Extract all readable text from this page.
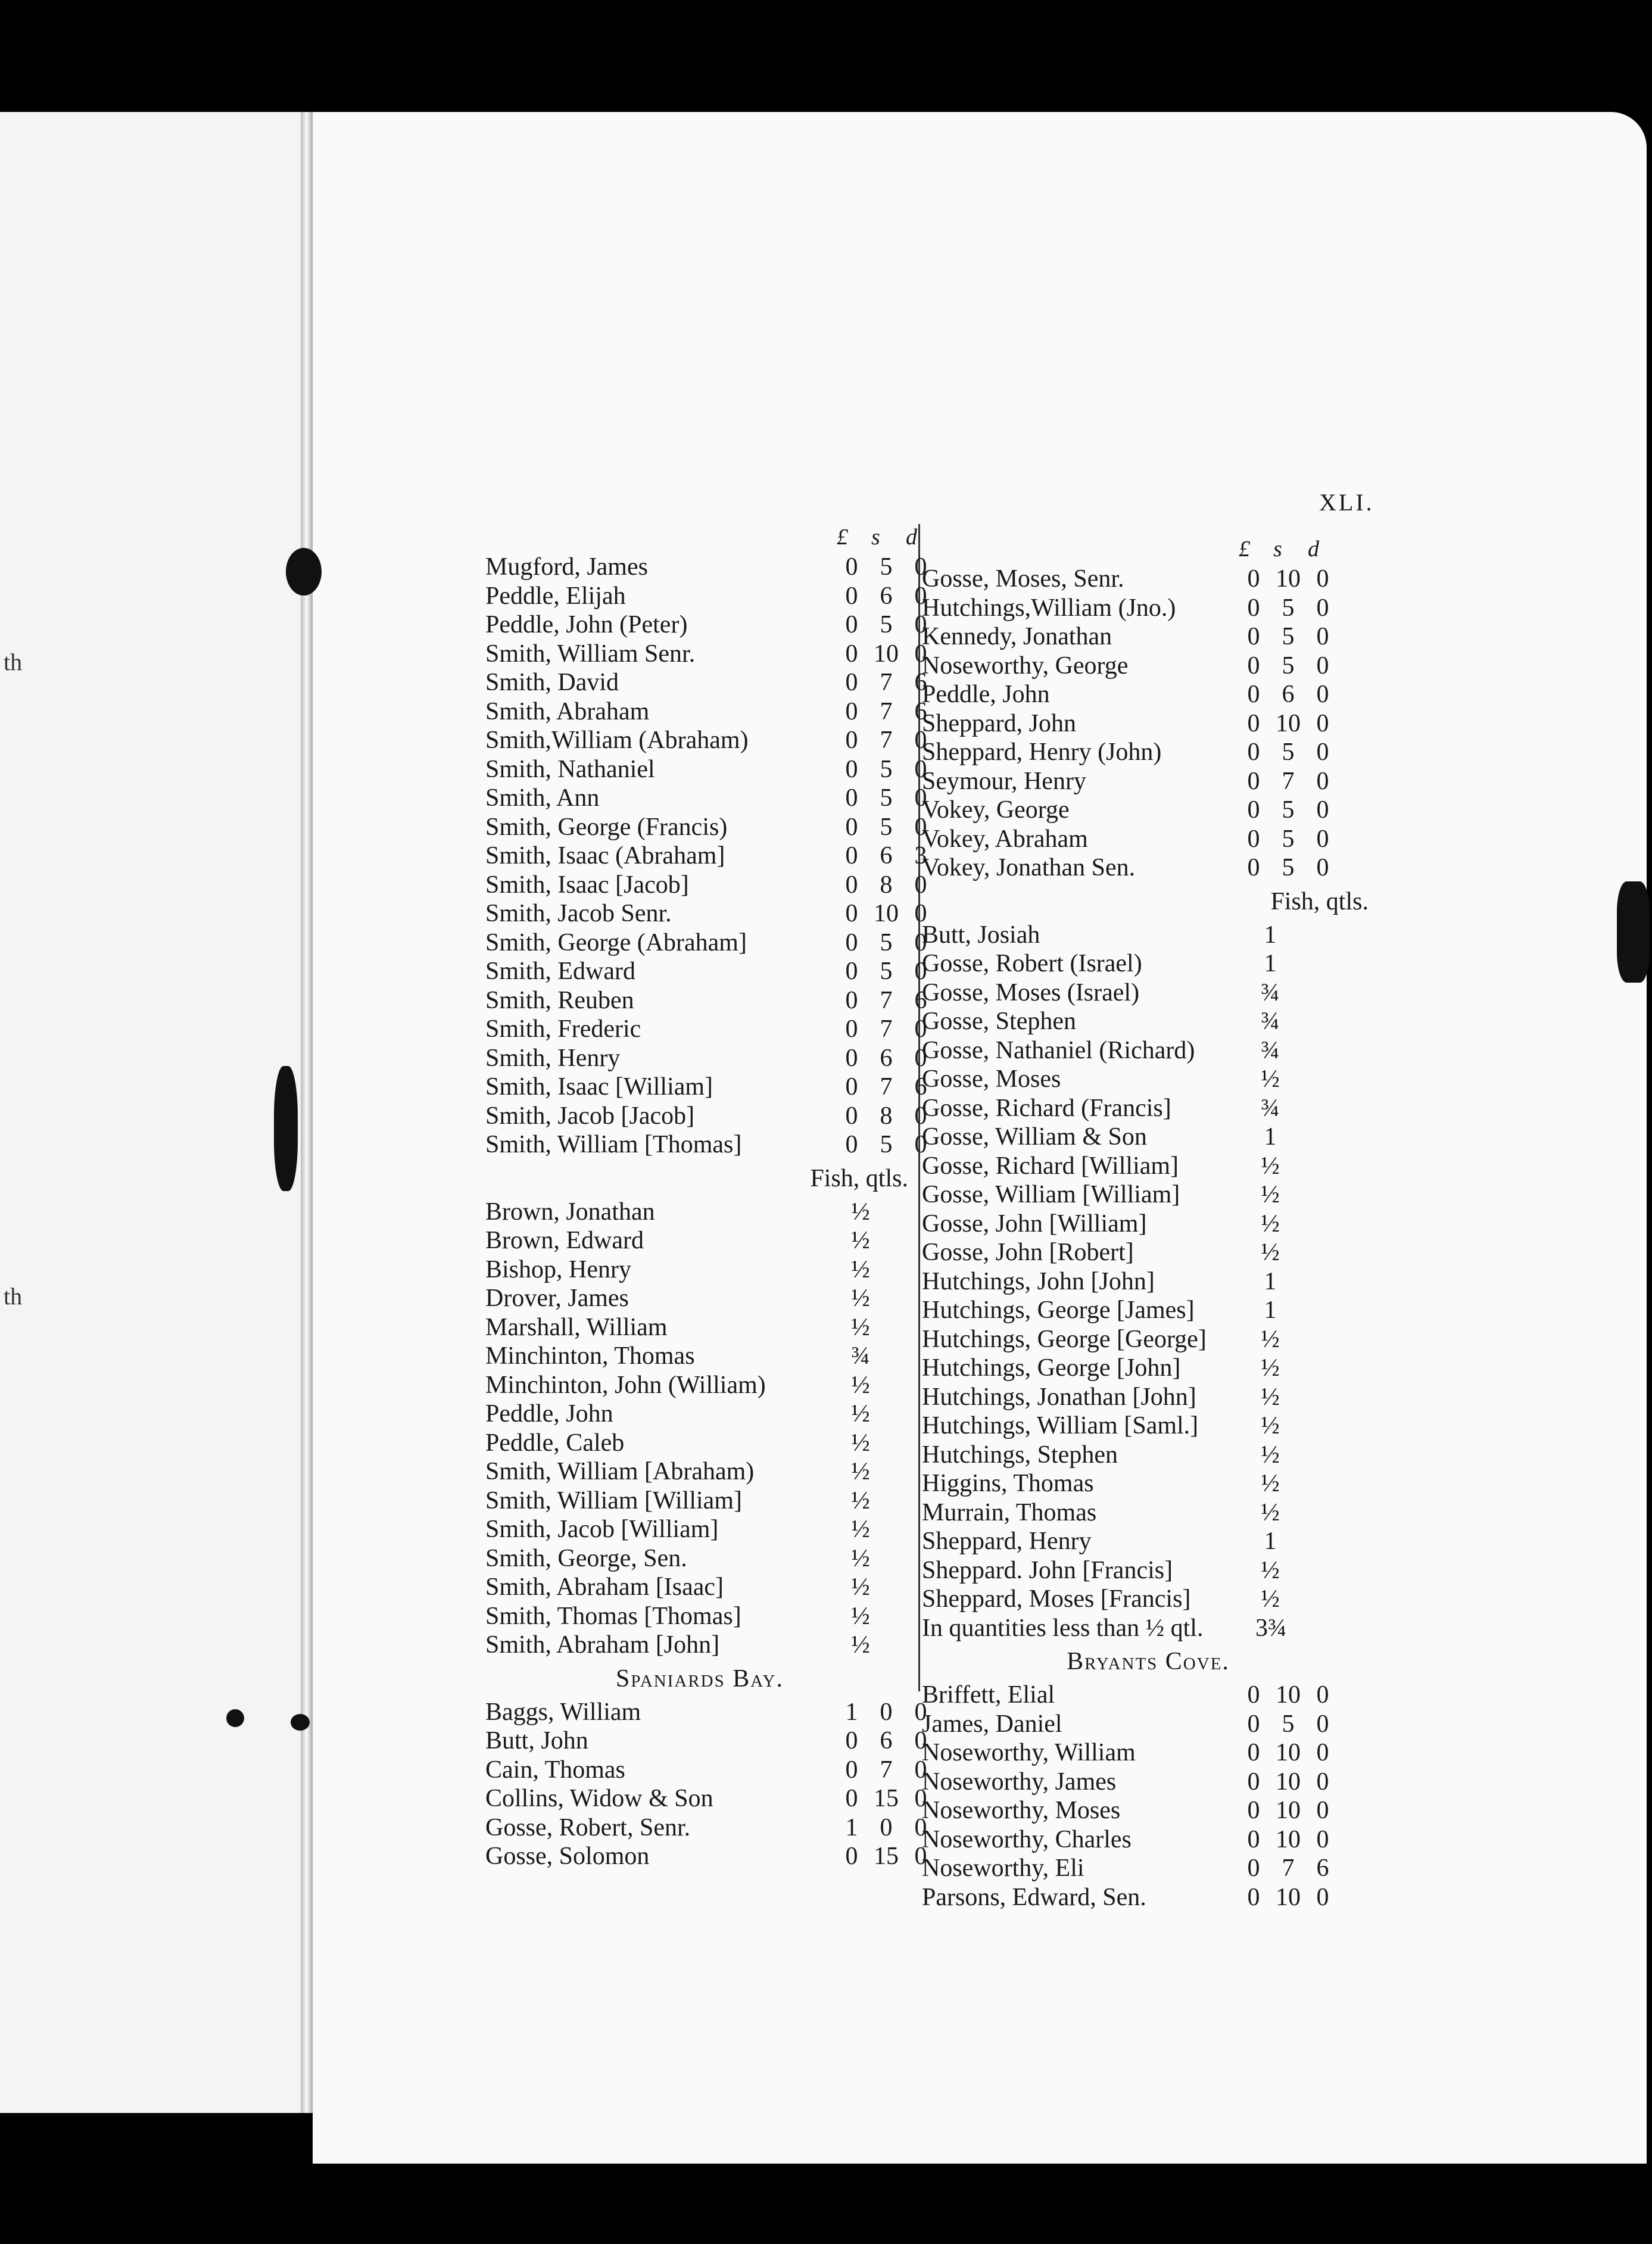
th
th
XLI.
£ s d
Mugford, James	0 5 0
Peddle, Elijah	0 6 0
Peddle, John (Peter)	0 5 0
Smith, William Senr.	0 10 0
Smith, David	0 7 6
Smith, Abraham	0 7 6
Smith,William (Abraham)	0 7 0
Smith, Nathaniel	0 5 0
Smith, Ann	0 5 0
Smith, George (Francis)	0 5 0
Smith, Isaac (Abraham]	0 6 3
Smith, Isaac [Jacob]	0 8 0
Smith, Jacob Senr.	0 10 0
Smith, George (Abraham]	0 5 0
Smith, Edward	0 5 0
Smith, Reuben	0 7 6
Smith, Frederic	0 7 0
Smith, Henry	0 6 0
Smith, Isaac [William]	0 7 6
Smith, Jacob [Jacob]	0 8 0
Smith, William [Thomas]	0 5 0
Fish, qtls.
Brown, Jonathan	½
Brown, Edward	½
Bishop, Henry	½
Drover, James	½
Marshall, William	½
Minchinton, Thomas	¾
Minchinton, John (William)	½
Peddle, John	½
Peddle, Caleb	½
Smith, William [Abraham)	½
Smith, William [William]	½
Smith, Jacob [William]	½
Smith, George, Sen.	½
Smith, Abraham [Isaac]	½
Smith, Thomas [Thomas]	½
Smith, Abraham [John]	½
Spaniards Bay.
Baggs, William	1 0 0
Butt, John	0 6 0
Cain, Thomas	0 7 0
Collins, Widow & Son	0 15 0
Gosse, Robert, Senr.	1 0 0
Gosse, Solomon	0 15 0
£ s d
Gosse, Moses, Senr.	0 10 0
Hutchings,William (Jno.)	0 5 0
Kennedy, Jonathan	0 5 0
Noseworthy, George	0 5 0
Peddle, John	0 6 0
Sheppard, John	0 10 0
Sheppard, Henry (John)	0 5 0
Seymour, Henry	0 7 0
Vokey, George	0 5 0
Vokey, Abraham	0 5 0
Vokey, Jonathan Sen.	0 5 0
Fish, qtls.
Butt, Josiah	1
Gosse, Robert (Israel)	1
Gosse, Moses (Israel)	¾
Gosse, Stephen	¾
Gosse, Nathaniel (Richard)	¾
Gosse, Moses	½
Gosse, Richard (Francis]	¾
Gosse, William & Son	1
Gosse, Richard [William]	½
Gosse, William [William]	½
Gosse, John [William]	½
Gosse, John [Robert]	½
Hutchings, John [John]	1
Hutchings, George [James]	1
Hutchings, George [George] ½
Hutchings, George [John]	½
Hutchings, Jonathan [John]	½
Hutchings, William [Saml.]	½
Hutchings, Stephen	½
Higgins, Thomas	½
Murrain, Thomas	½
Sheppard, Henry	1
Sheppard. John [Francis]	½
Sheppard, Moses [Francis]	½
In quantities less than ½ qtl. 3¾
Bryants Cove.
Briffett, Elial	0 10 0
James, Daniel	0 5 0
Noseworthy, William	0 10 0
Noseworthy, James	0 10 0
Noseworthy, Moses	0 10 0
Noseworthy, Charles	0 10 0
Noseworthy, Eli	0 7 6
Parsons, Edward, Sen.	0 10 0
